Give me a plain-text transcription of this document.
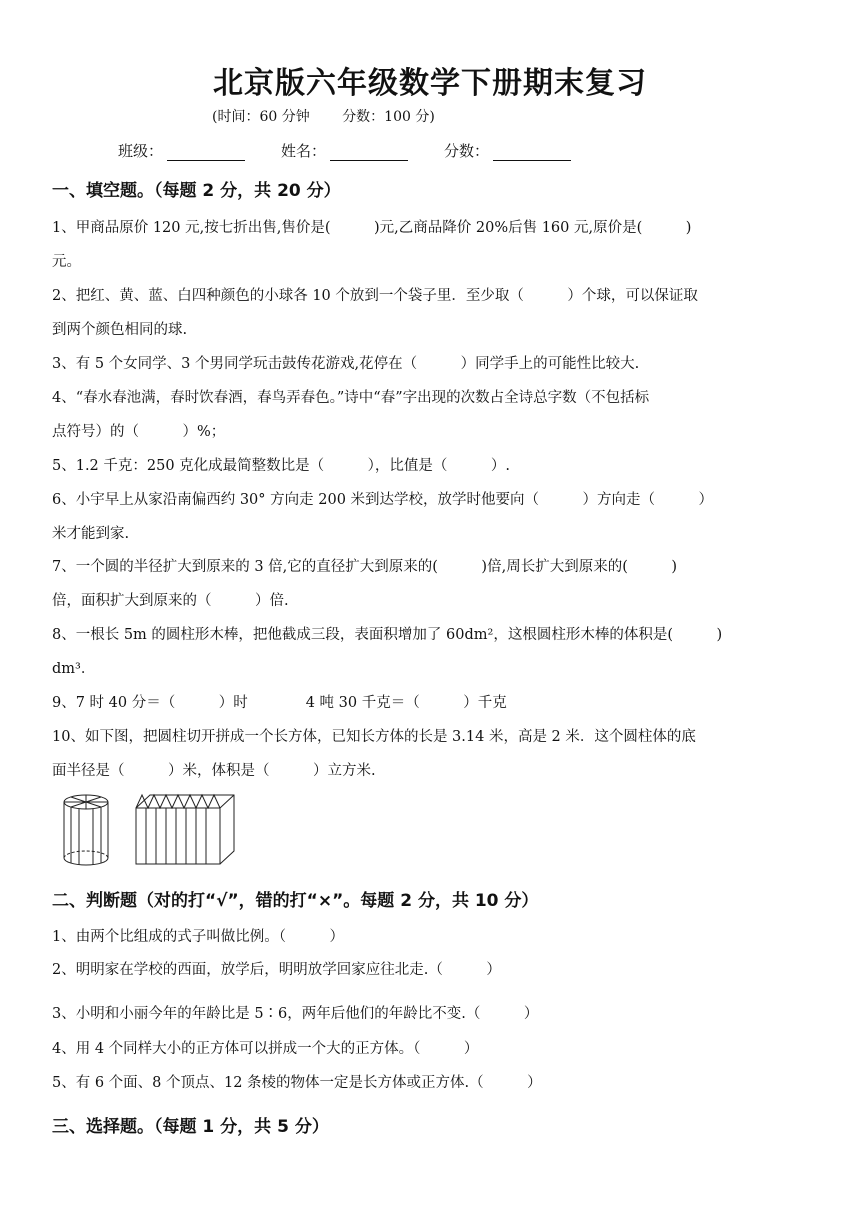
北京版六年级数学下册期末复习
(时间：60 分钟 分数：100 分)
班级：	姓名：	分数：
一、填空题。（每题 2 分，共 20 分）
1、甲商品原价 120 元,按七折出售,售价是(　　　)元,乙商品降价 20%后售 160 元,原价是(　　　)
元。
2、把红、黄、蓝、白四种颜色的小球各 10 个放到一个袋子里．至少取（　　　）个球，可以保证取
到两个颜色相同的球.
3、有 5 个女同学、3 个男同学玩击鼓传花游戏,花停在（　　　）同学手上的可能性比较大.
4、“春水春池满，春时饮春酒，春鸟弄春色。”诗中“春”字出现的次数占全诗总字数（不包括标
点符号）的（　　　）%；
5、1.2 千克：250 克化成最简整数比是（　　　），比值是（　　　）.
6、小宇早上从家沿南偏西约 30° 方向走 200 米到达学校，放学时他要向（　　　）方向走（　　　）
米才能到家.
7、一个圆的半径扩大到原来的 3 倍,它的直径扩大到原来的(　　　)倍,周长扩大到原来的(　　　)
倍，面积扩大到原来的（　　　）倍.
8、一根长 5m 的圆柱形木棒，把他截成三段，表面积增加了 60dm²，这根圆柱形木棒的体积是(　　　)
dm³．
9、7 时 40 分＝（　　　）时　　　　4 吨 30 千克＝（　　　）千克
10、如下图，把圆柱切开拼成一个长方体，已知长方体的长是 3.14 米，高是 2 米．这个圆柱体的底
面半径是（　　　）米，体积是（　　　）立方米.
二、判断题（对的打“√”，错的打“×”。每题 2 分，共 10 分）
1、由两个比组成的式子叫做比例。（　　　）
2、明明家在学校的西面，放学后，明明放学回家应往北走.（　　　）
3、小明和小丽今年的年龄比是 5∶6，两年后他们的年龄比不变.（　　　）
4、用 4 个同样大小的正方体可以拼成一个大的正方体。（　　　）
5、有 6 个面、8 个顶点、12 条棱的物体一定是长方体或正方体.（　　　）
三、选择题。（每题 1 分，共 5 分）
